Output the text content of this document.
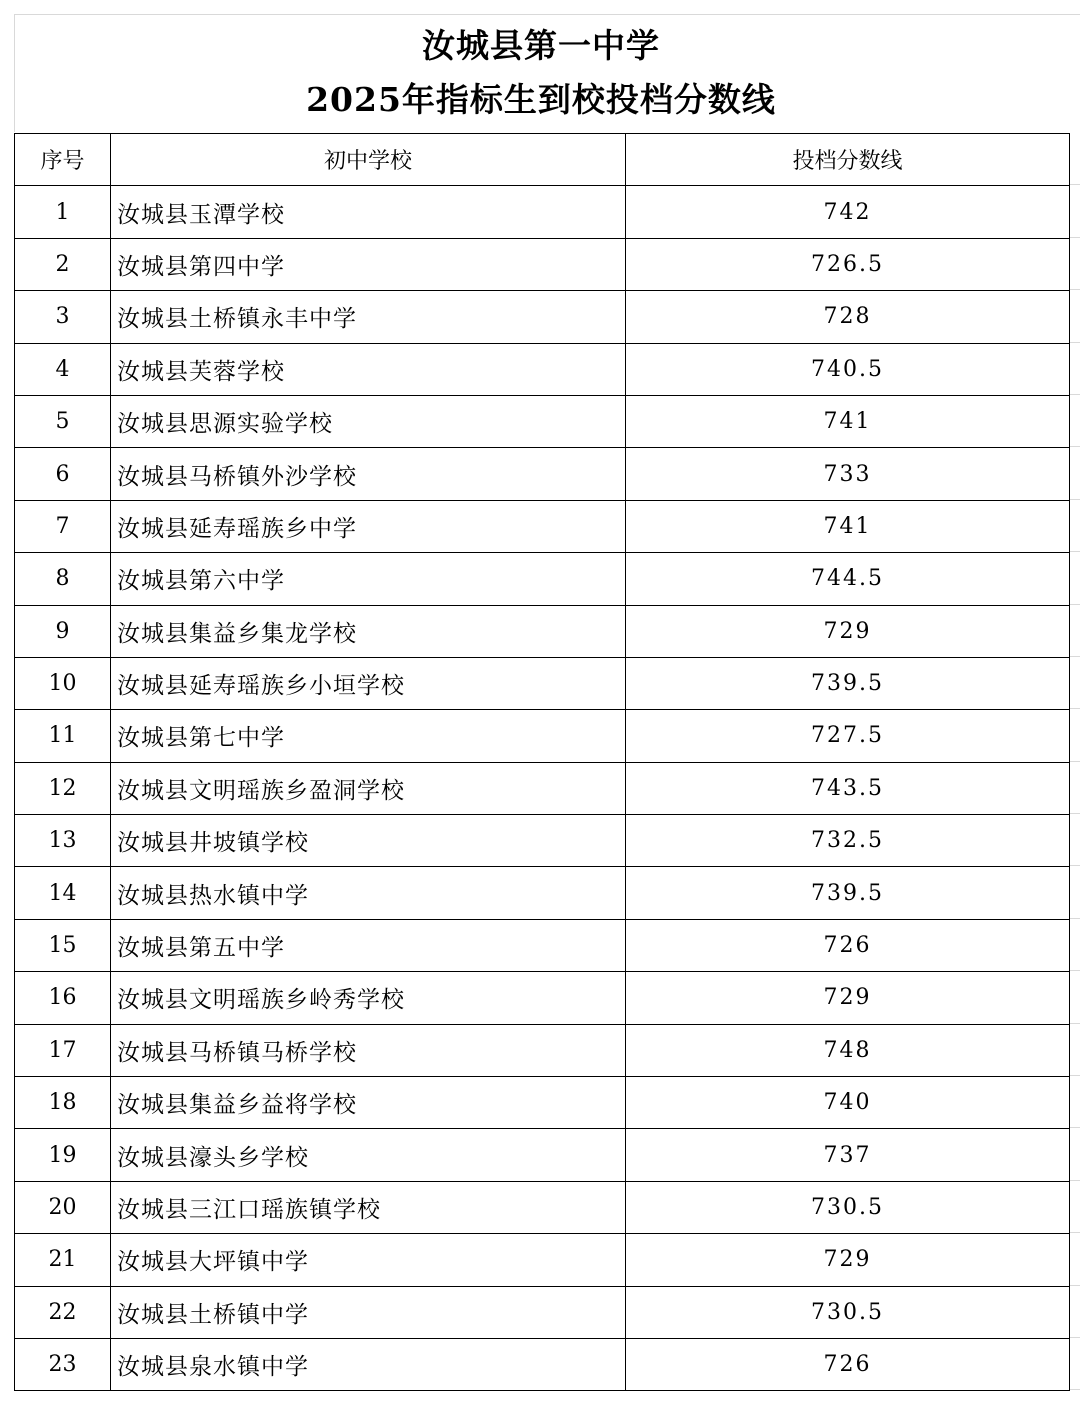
汝城县第一中学
2025年指标生到校投档分数线
序号	初中学校	投档分数线
1	汝城县玉潭学校	742
2	汝城县第四中学	726.5
3	汝城县土桥镇永丰中学	728
4	汝城县芙蓉学校	740.5
5	汝城县思源实验学校	741
6	汝城县马桥镇外沙学校	733
7	汝城县延寿瑶族乡中学	741
8	汝城县第六中学	744.5
9	汝城县集益乡集龙学校	729
10	汝城县延寿瑶族乡小垣学校	739.5
11	汝城县第七中学	727.5
12	汝城县文明瑶族乡盈洞学校	743.5
13	汝城县井坡镇学校	732.5
14	汝城县热水镇中学	739.5
15	汝城县第五中学	726
16	汝城县文明瑶族乡岭秀学校	729
17	汝城县马桥镇马桥学校	748
18	汝城县集益乡益将学校	740
19	汝城县濠头乡学校	737
20	汝城县三江口瑶族镇学校	730.5
21	汝城县大坪镇中学	729
22	汝城县土桥镇中学	730.5
23	汝城县泉水镇中学	726
